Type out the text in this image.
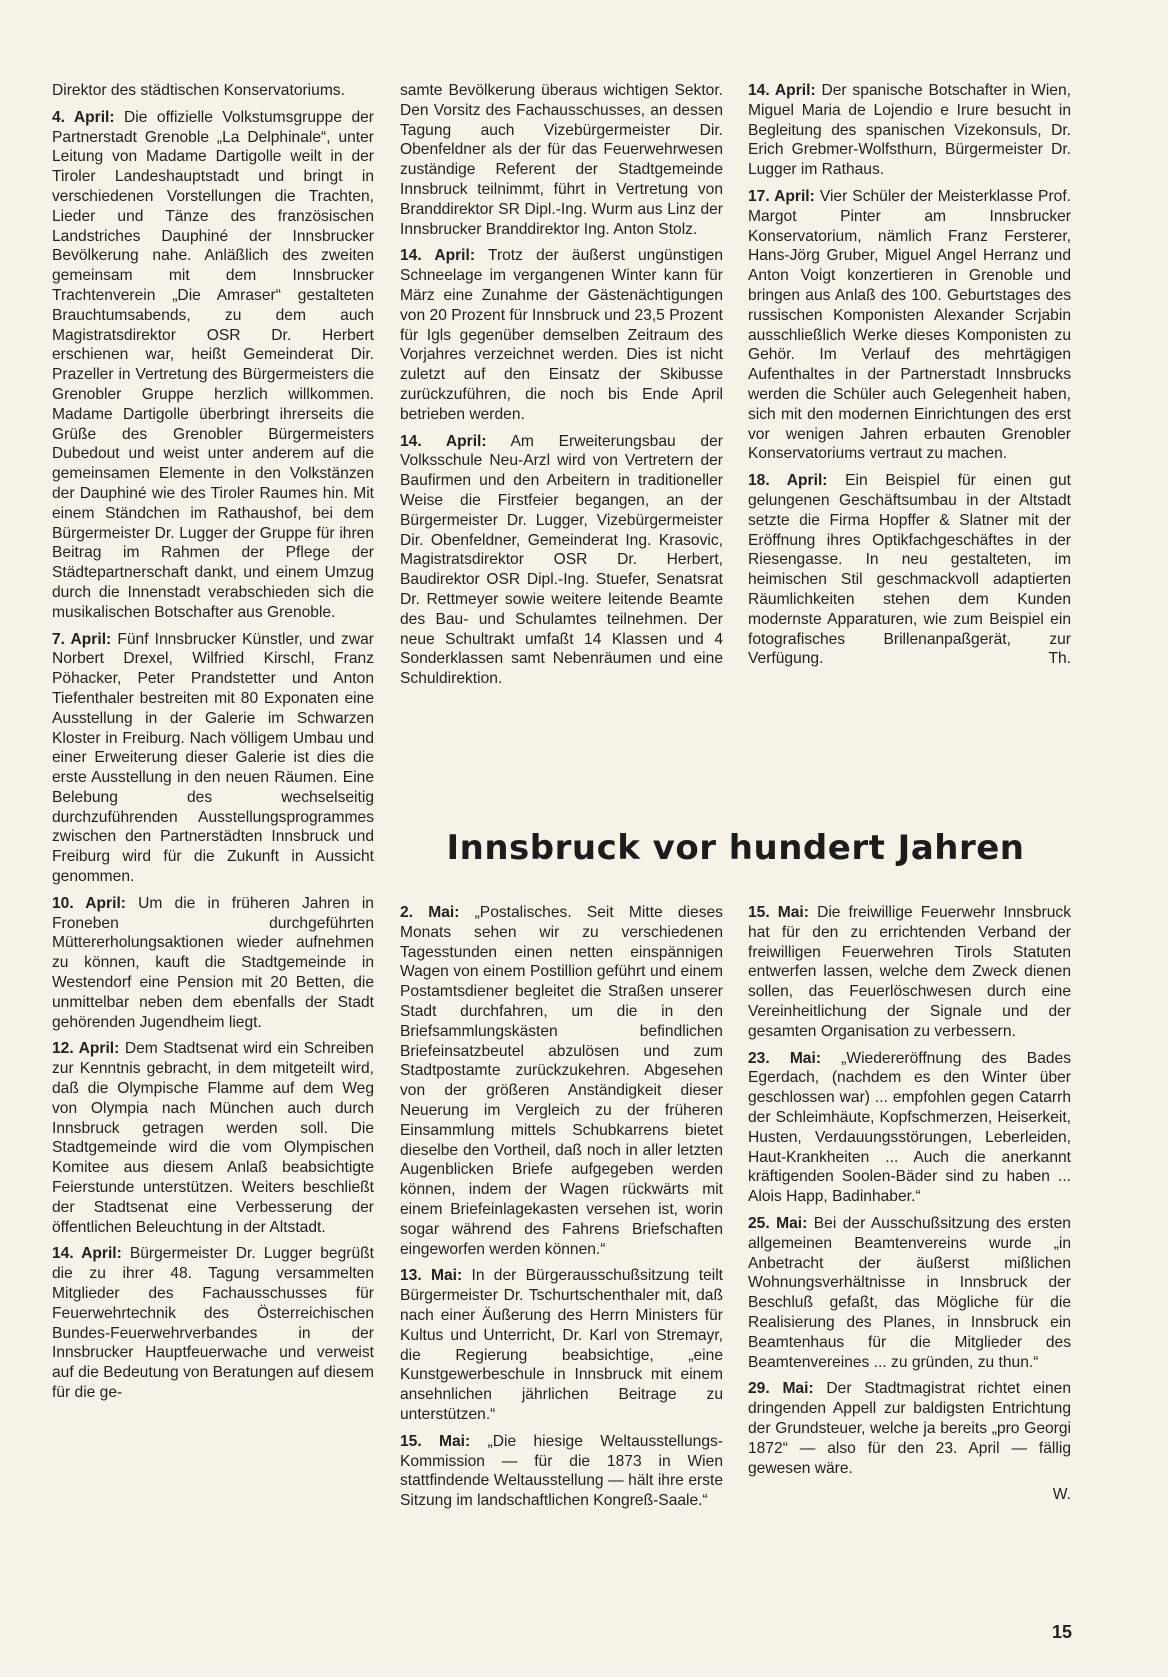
Direktor des städtischen Konservatoriums.

4. April: Die offizielle Volkstumsgruppe der Partnerstadt Grenoble „La Delphinale“, unter Leitung von Madame Dartigolle weilt in der Tiroler Landeshauptstadt und bringt in verschiedenen Vorstellungen die Trachten, Lieder und Tänze des französischen Landstriches Dauphiné der Innsbrucker Bevölkerung nahe. Anläßlich des zweiten gemeinsam mit dem Innsbrucker Trachtenverein „Die Amraser“ gestalteten Brauchtumsabends, zu dem auch Magistratsdirektor OSR Dr. Herbert erschienen war, heißt Gemeinderat Dir. Prazeller in Vertretung des Bürgermeisters die Grenobler Gruppe herzlich willkommen. Madame Dartigolle überbringt ihrerseits die Grüße des Grenobler Bürgermeisters Dubedout und weist unter anderem auf die gemeinsamen Elemente in den Volkstänzen der Dauphiné wie des Tiroler Raumes hin. Mit einem Ständchen im Rathaushof, bei dem Bürgermeister Dr. Lugger der Gruppe für ihren Beitrag im Rahmen der Pflege der Städtepartnerschaft dankt, und einem Umzug durch die Innenstadt verabschieden sich die musikalischen Botschafter aus Grenoble.

7. April: Fünf Innsbrucker Künstler, und zwar Norbert Drexel, Wilfried Kirschl, Franz Pöhacker, Peter Prandstetter und Anton Tiefenthaler bestreiten mit 80 Exponaten eine Ausstellung in der Galerie im Schwarzen Kloster in Freiburg. Nach völligem Umbau und einer Erweiterung dieser Galerie ist dies die erste Ausstellung in den neuen Räumen. Eine Belebung des wechselseitig durchzuführenden Ausstellungsprogrammes zwischen den Partnerstädten Innsbruck und Freiburg wird für die Zukunft in Aussicht genommen.

10. April: Um die in früheren Jahren in Froneben durchgeführten Müttererholungsaktionen wieder aufnehmen zu können, kauft die Stadtgemeinde in Westendorf eine Pension mit 20 Betten, die unmittelbar neben dem ebenfalls der Stadt gehörenden Jugendheim liegt.

12. April: Dem Stadtsenat wird ein Schreiben zur Kenntnis gebracht, in dem mitgeteilt wird, daß die Olympische Flamme auf dem Weg von Olympia nach München auch durch Innsbruck getragen werden soll. Die Stadtgemeinde wird die vom Olympischen Komitee aus diesem Anlaß beabsichtigte Feierstunde unterstützen. Weiters beschließt der Stadtsenat eine Verbesserung der öffentlichen Beleuchtung in der Altstadt.

14. April: Bürgermeister Dr. Lugger begrüßt die zu ihrer 48. Tagung versammelten Mitglieder des Fachausschusses für Feuerwehrtechnik des Österreichischen Bundes-Feuerwehrverbandes in der Innsbrucker Hauptfeuerwache und verweist auf die Bedeutung von Beratungen auf diesem für die ge-

samte Bevölkerung überaus wichtigen Sektor. Den Vorsitz des Fachausschusses, an dessen Tagung auch Vizebürgermeister Dir. Obenfeldner als der für das Feuerwehrwesen zuständige Referent der Stadtgemeinde Innsbruck teilnimmt, führt in Vertretung von Branddirektor SR Dipl.-Ing. Wurm aus Linz der Innsbrucker Branddirektor Ing. Anton Stolz.

14. April: Trotz der äußerst ungünstigen Schneelage im vergangenen Winter kann für März eine Zunahme der Gästenächtigungen von 20 Prozent für Innsbruck und 23,5 Prozent für Igls gegenüber demselben Zeitraum des Vorjahres verzeichnet werden. Dies ist nicht zuletzt auf den Einsatz der Skibusse zurückzuführen, die noch bis Ende April betrieben werden.

14. April: Am Erweiterungsbau der Volksschule Neu-Arzl wird von Vertretern der Baufirmen und den Arbeitern in traditioneller Weise die Firstfeier begangen, an der Bürgermeister Dr. Lugger, Vizebürgermeister Dir. Obenfeldner, Gemeinderat Ing. Krasovic, Magistratsdirektor OSR Dr. Herbert, Baudirektor OSR Dipl.-Ing. Stuefer, Senatsrat Dr. Rettmeyer sowie weitere leitende Beamte des Bau- und Schulamtes teilnehmen. Der neue Schultrakt umfaßt 14 Klassen und 4 Sonderklassen samt Nebenräumen und eine Schuldirektion.

14. April: Der spanische Botschafter in Wien, Miguel Maria de Lojendio e Irure besucht in Begleitung des spanischen Vizekonsuls, Dr. Erich Grebmer-Wolfsthurn, Bürgermeister Dr. Lugger im Rathaus.

17. April: Vier Schüler der Meisterklasse Prof. Margot Pinter am Innsbrucker Konservatorium, nämlich Franz Fersterer, Hans-Jörg Gruber, Miguel Angel Herranz und Anton Voigt konzertieren in Grenoble und bringen aus Anlaß des 100. Geburtstages des russischen Komponisten Alexander Scrjabin ausschließlich Werke dieses Komponisten zu Gehör. Im Verlauf des mehrtägigen Aufenthaltes in der Partnerstadt Innsbrucks werden die Schüler auch Gelegenheit haben, sich mit den modernen Einrichtungen des erst vor wenigen Jahren erbauten Grenobler Konservatoriums vertraut zu machen.

18. April: Ein Beispiel für einen gut gelungenen Geschäftsumbau in der Altstadt setzte die Firma Hopffer & Slatner mit der Eröffnung ihres Optikfachgeschäftes in der Riesengasse. In neu gestalteten, im heimischen Stil geschmackvoll adaptierten Räumlichkeiten stehen dem Kunden modernste Apparaturen, wie zum Beispiel ein fotografisches Brillenanpaßgerät, zur Verfügung.	Th.

Innsbruck vor hundert Jahren

2. Mai: „Postalisches. Seit Mitte dieses Monats sehen wir zu verschiedenen Tagesstunden einen netten einspännigen Wagen von einem Postillion geführt und einem Postamtsdiener begleitet die Straßen unserer Stadt durchfahren, um die in den Briefsammlungskästen befindlichen Briefeinsatzbeutel abzulösen und zum Stadtpostamte zurückzukehren. Abgesehen von der größeren Anständigkeit dieser Neuerung im Vergleich zu der früheren Einsammlung mittels Schubkarrens bietet dieselbe den Vortheil, daß noch in aller letzten Augenblicken Briefe aufgegeben werden können, indem der Wagen rückwärts mit einem Briefeinlagekasten versehen ist, worin sogar während des Fahrens Briefschaften eingeworfen werden können.“

13. Mai: In der Bürgerausschußsitzung teilt Bürgermeister Dr. Tschurtschenthaler mit, daß nach einer Äußerung des Herrn Ministers für Kultus und Unterricht, Dr. Karl von Stremayr, die Regierung beabsichtige, „eine Kunstgewerbeschule in Innsbruck mit einem ansehnlichen jährlichen Beitrage zu unterstützen.“

15. Mai: „Die hiesige Weltausstellungs-Kommission — für die 1873 in Wien stattfindende Weltausstellung — hält ihre erste Sitzung im landschaftlichen Kongreß-Saale.“

15. Mai: Die freiwillige Feuerwehr Innsbruck hat für den zu errichtenden Verband der freiwilligen Feuerwehren Tirols Statuten entwerfen lassen, welche dem Zweck dienen sollen, das Feuerlöschwesen durch eine Vereinheitlichung der Signale und der gesamten Organisation zu verbessern.

23. Mai: „Wiedereröffnung des Bades Egerdach, (nachdem es den Winter über geschlossen war) ... empfohlen gegen Catarrh der Schleimhäute, Kopfschmerzen, Heiserkeit, Husten, Verdauungsstörungen, Leberleiden, Haut-Krankheiten ... Auch die anerkannt kräftigenden Soolen-Bäder sind zu haben ... Alois Happ, Badinhaber.“

25. Mai: Bei der Ausschußsitzung des ersten allgemeinen Beamtenvereins wurde „in Anbetracht der äußerst mißlichen Wohnungsverhältnisse in Innsbruck der Beschluß gefaßt, das Mögliche für die Realisierung des Planes, in Innsbruck ein Beamtenhaus für die Mitglieder des Beamtenvereines ... zu gründen, zu thun.“

29. Mai: Der Stadtmagistrat richtet einen dringenden Appell zur baldigsten Entrichtung der Grundsteuer, welche ja bereits „pro Georgi 1872“ — also für den 23. April — fällig gewesen wäre.

W.

15
